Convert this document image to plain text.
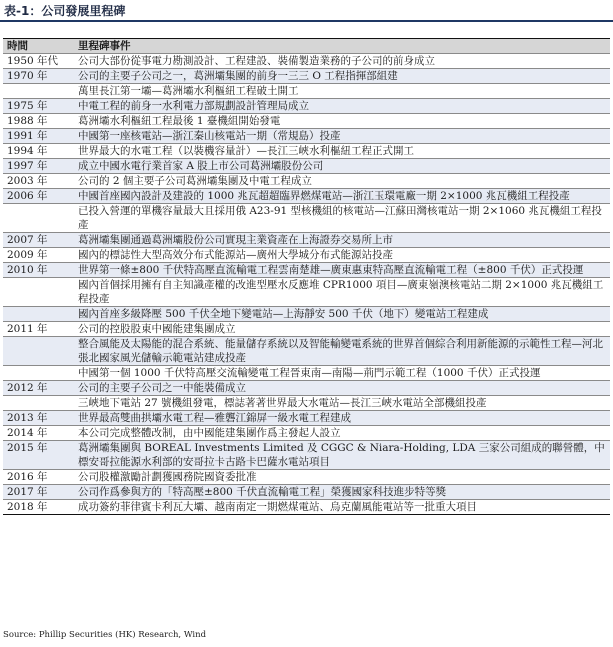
表-1：公司發展里程碑
時間	里程碑事件
1950 年代	公司大部份從事電力勘測設計、工程建設、裝備製造業務的子公司的前身成立
1970 年	公司的主要子公司之一，葛洲壩集團的前身一三三 O 工程指揮部組建
	萬里長江第一壩—葛洲壩水利樞紐工程破土開工
1975 年	中電工程的前身一水利電力部規劃設計管理局成立
1988 年	葛洲壩水利樞紐工程最後 1 臺機組開始發電
1991 年	中國第一座核電站—浙江秦山核電站一期（常規島）投產
1994 年	世界最大的水電工程（以裝機容量計）—長江三峽水利樞紐工程正式開工
1997 年	成立中國水電行業首家 A 股上市公司葛洲壩股份公司
2003 年	公司的 2 個主要子公司葛洲壩集團及中電工程成立
2006 年	中國首座國內設計及建設的 1000 兆瓦超超臨界燃煤電站—浙江玉環電廠一期 2×1000 兆瓦機組工程投產
	已投入營運的單機容量最大且採用俄 A23-91 型核機組的核電站—江蘇田灣核電站一期 2×1060 兆瓦機組工程投產
2007 年	葛洲壩集團通過葛洲壩股份公司實現主業資產在上海證券交易所上市
2009 年	國內的標誌性大型高效分布式能源站—廣州大學城分布式能源站投產
2010 年	世界第一條±800 千伏特高壓直流輸電工程雲南楚雄—廣東惠東特高壓直流輸電工程（±800 千伏）正式投運
	國內首個採用擁有自主知識產權的改進型壓水反應堆 CPR1000 項目—廣東嶺澳核電站二期 2×1000 兆瓦機組工程投產
	國內首座多級降壓 500 千伏全地下變電站—上海靜安 500 千伏（地下）變電站工程建成
2011 年	公司的控股股東中國能建集團成立
	整合風能及太陽能的混合系統、能量儲存系統以及智能輸變電系統的世界首個綜合利用新能源的示範性工程—河北張北國家風光儲輸示範電站建成投產
	中國第一個 1000 千伏特高壓交流輸變電工程晉東南—南陽—荊門示範工程（1000 千伏）正式投運
2012 年	公司的主要子公司之一中能裝備成立
	三峽地下電站 27 號機組發電，標誌著著世界最大水電站—長江三峽水電站全部機組投產
2013 年	世界最高雙曲拱壩水電工程—雅礱江錦屏一級水電工程建成
2014 年	本公司完成整體改制，由中國能建集團作爲主發起人設立
2015 年	葛洲壩集團與 BOREAL Investments Limited 及 CGGC & Niara-Holding, LDA 三家公司組成的聯營體，中標安哥拉能源水利部的安哥拉卡古路卡巴薩水電站項目
2016 年	公司股權激勵計劃獲國務院國資委批准
2017 年	公司作爲參與方的「特高壓±800 千伏直流輸電工程」榮獲國家科技進步特等獎
2018 年	成功簽約菲律賓卡利瓦大壩、越南南定一期燃煤電站、烏克蘭風能電站等一批重大項目
Source: Phillip Securities (HK) Research, Wind
